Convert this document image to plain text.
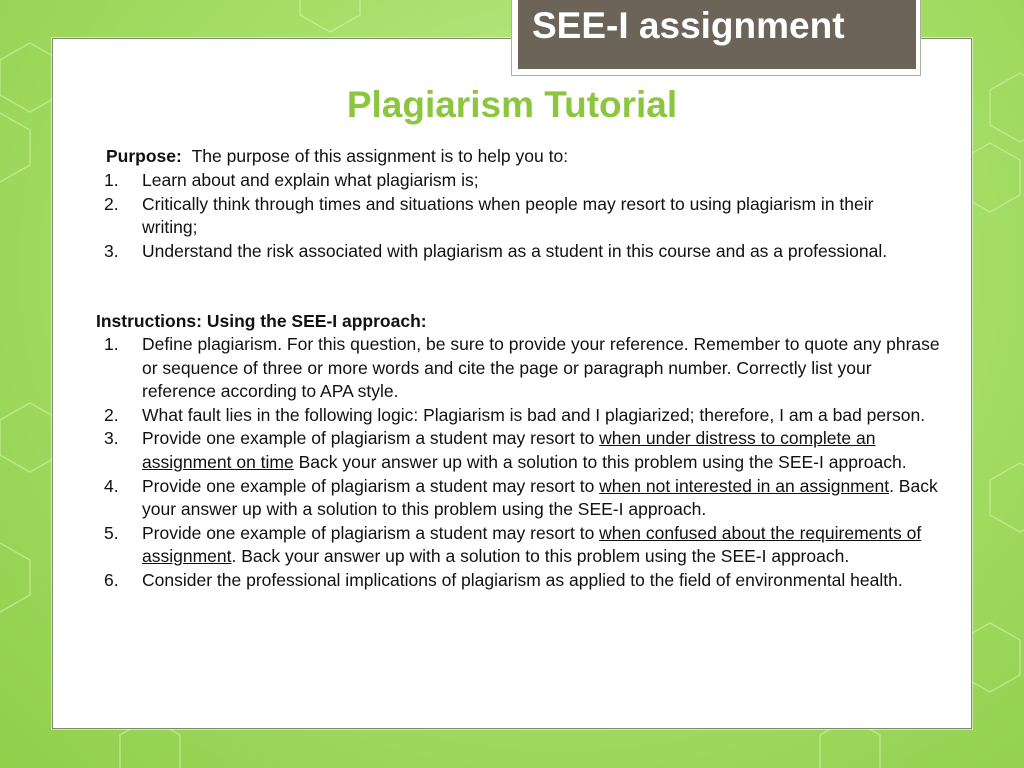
SEE-I assignment
Plagiarism Tutorial
Purpose: The purpose of this assignment is to help you to:
1. Learn about and explain what plagiarism is;
2. Critically think through times and situations when people may resort to using plagiarism in their writing;
3. Understand the risk associated with plagiarism as a student in this course and as a professional.
Instructions: Using the SEE-I approach:
1. Define plagiarism. For this question, be sure to provide your reference. Remember to quote any phrase or sequence of three or more words and cite the page or paragraph number. Correctly list your reference according to APA style.
2. What fault lies in the following logic: Plagiarism is bad and I plagiarized; therefore, I am a bad person.
3. Provide one example of plagiarism a student may resort to when under distress to complete an assignment on time Back your answer up with a solution to this problem using the SEE-I approach.
4. Provide one example of plagiarism a student may resort to when not interested in an assignment. Back your answer up with a solution to this problem using the SEE-I approach.
5. Provide one example of plagiarism a student may resort to when confused about the requirements of assignment. Back your answer up with a solution to this problem using the SEE-I approach.
6. Consider the professional implications of plagiarism as applied to the field of environmental health.
